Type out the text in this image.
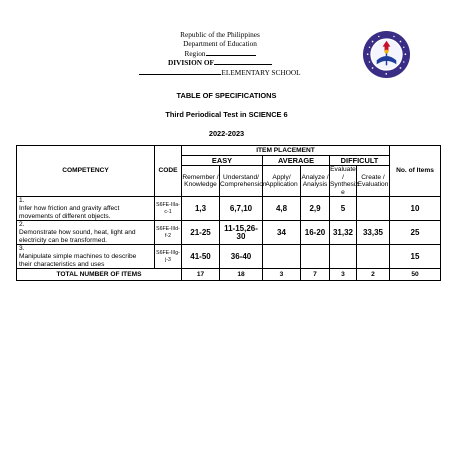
Republic of the Philippines
Department of Education
Region
DIVISION OF
ELEMENTARY SCHOOL
TABLE OF SPECIFICATIONS
Third Periodical Test in SCIENCE 6
2022-2023
COMPETENCY	CODE	ITEM PLACEMENT						No. of Items
		EASY		AVERAGE		DIFFICULT		
		Remember / Knowledge	Understand/ Comprehension	Apply/ Application	Analyze / Analysis	Evaluate / Synthesiz e	Create / Evaluation	
1.Infer how friction and gravity affect movements of different objects.	S6FE-IIIa-c-1	1,3	6,7,10	4,8	2,9	5		10
2.Demonstrate how sound, heat, light and electricity can be transformed.	S6FE-IIId-f-2	21-25	11-15,26-30	34	16-20	31,32	33,35	25
3.Manipulate simple machines to describe their characteristics and uses	S6FE-IIIg-j-3	41-50	36-40					15
TOTAL NUMBER OF ITEMS		17	18	3	7	3	2	50
